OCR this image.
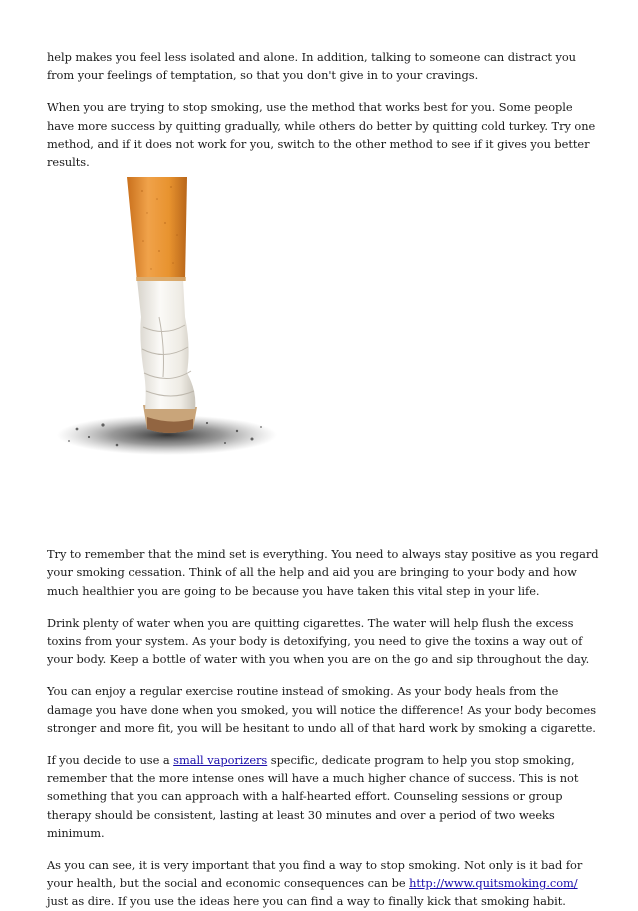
help makes you feel less isolated and alone. In addition, talking to someone can distract you from your feelings of temptation, so that you don't give in to your cravings.

When you are trying to stop smoking, use the method that works best for you. Some people have more success by quitting gradually, while others do better by quitting cold turkey. Try one method, and if it does not work for you, switch to the other method to see if it gives you better results.

Try to remember that the mind set is everything. You need to always stay positive as you regard your smoking cessation. Think of all the help and aid you are bringing to your body and how much healthier you are going to be because you have taken this vital step in your life.

Drink plenty of water when you are quitting cigarettes. The water will help flush the excess toxins from your system. As your body is detoxifying, you need to give the toxins a way out of your body. Keep a bottle of water with you when you are on the go and sip throughout the day.

You can enjoy a regular exercise routine instead of smoking. As your body heals from the damage you have done when you smoked, you will notice the difference! As your body becomes stronger and more fit, you will be hesitant to undo all of that hard work by smoking a cigarette.

If you decide to use a small vaporizers specific, dedicate program to help you stop smoking, remember that the more intense ones will have a much higher chance of success. This is not something that you can approach with a half-hearted effort. Counseling sessions or group therapy should be consistent, lasting at least 30 minutes and over a period of two weeks minimum.

As you can see, it is very important that you find a way to stop smoking. Not only is it bad for your health, but the social and economic consequences can be http://www.quitsmoking.com/ just as dire. If you use the ideas here you can find a way to finally kick that smoking habit.
